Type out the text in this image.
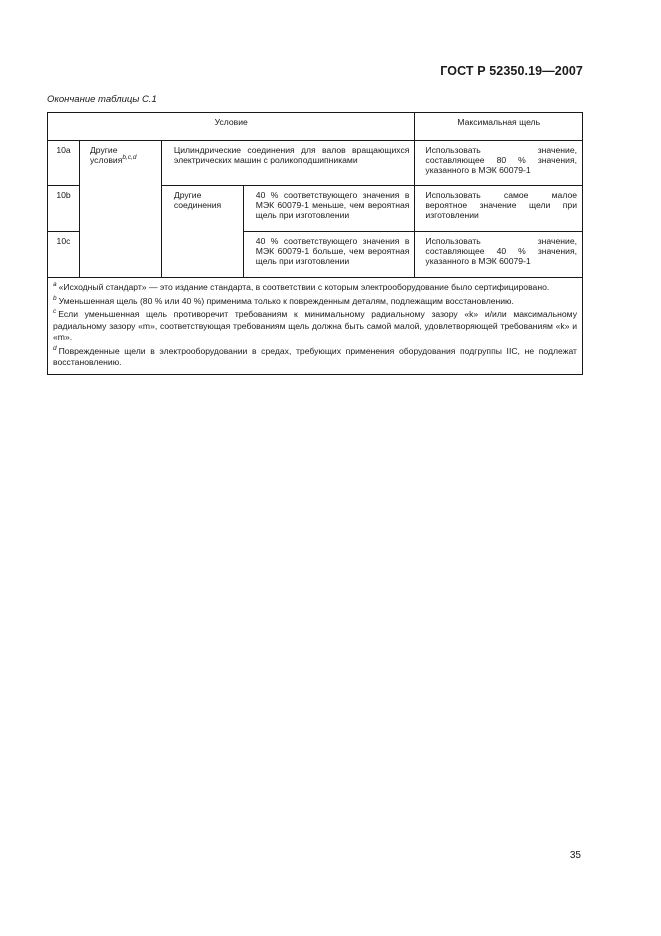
ГОСТ Р 52350.19—2007
Окончание таблицы С.1
Условие				Максимальная щель
10a	Другие условия$^{b,c,d}$	Цилиндрические соединения для валов вращающихся электрических машин с роликоподшипниками		Использовать значение, составляющее 80 % значения, указанного в МЭК 60079-1
10b		Другие соединения	40 % соответствующего значения в МЭК 60079-1 меньше, чем вероятная щель при изготовлении	Использовать самое малое вероятное значение щели при изготовлении
10c			40 % соответствующего значения в МЭК 60079-1 больше, чем вероятная щель при изготовлении	Использовать значение, составляющее 40 % значения, указанного в МЭК 60079-1

$^a$ «Исходный стандарт» — это издание стандарта, в соответствии с которым электрооборудование было сертифицировано.
$^b$ Уменьшенная щель (80 % или 40 %) применима только к поврежденным деталям, подлежащим восстановлению.
$^c$ Если уменьшенная щель противоречит требованиям к минимальному радиальному зазору «k» и/или максимальному радиальному зазору «m», соответствующая требованиям щель должна быть самой малой, удовлетворяющей требованиям «k» и «m».
$^d$ Поврежденные щели в электрооборудовании в средах, требующих применения оборудования подгруппы IIC, не подлежат восстановлению.				
35
